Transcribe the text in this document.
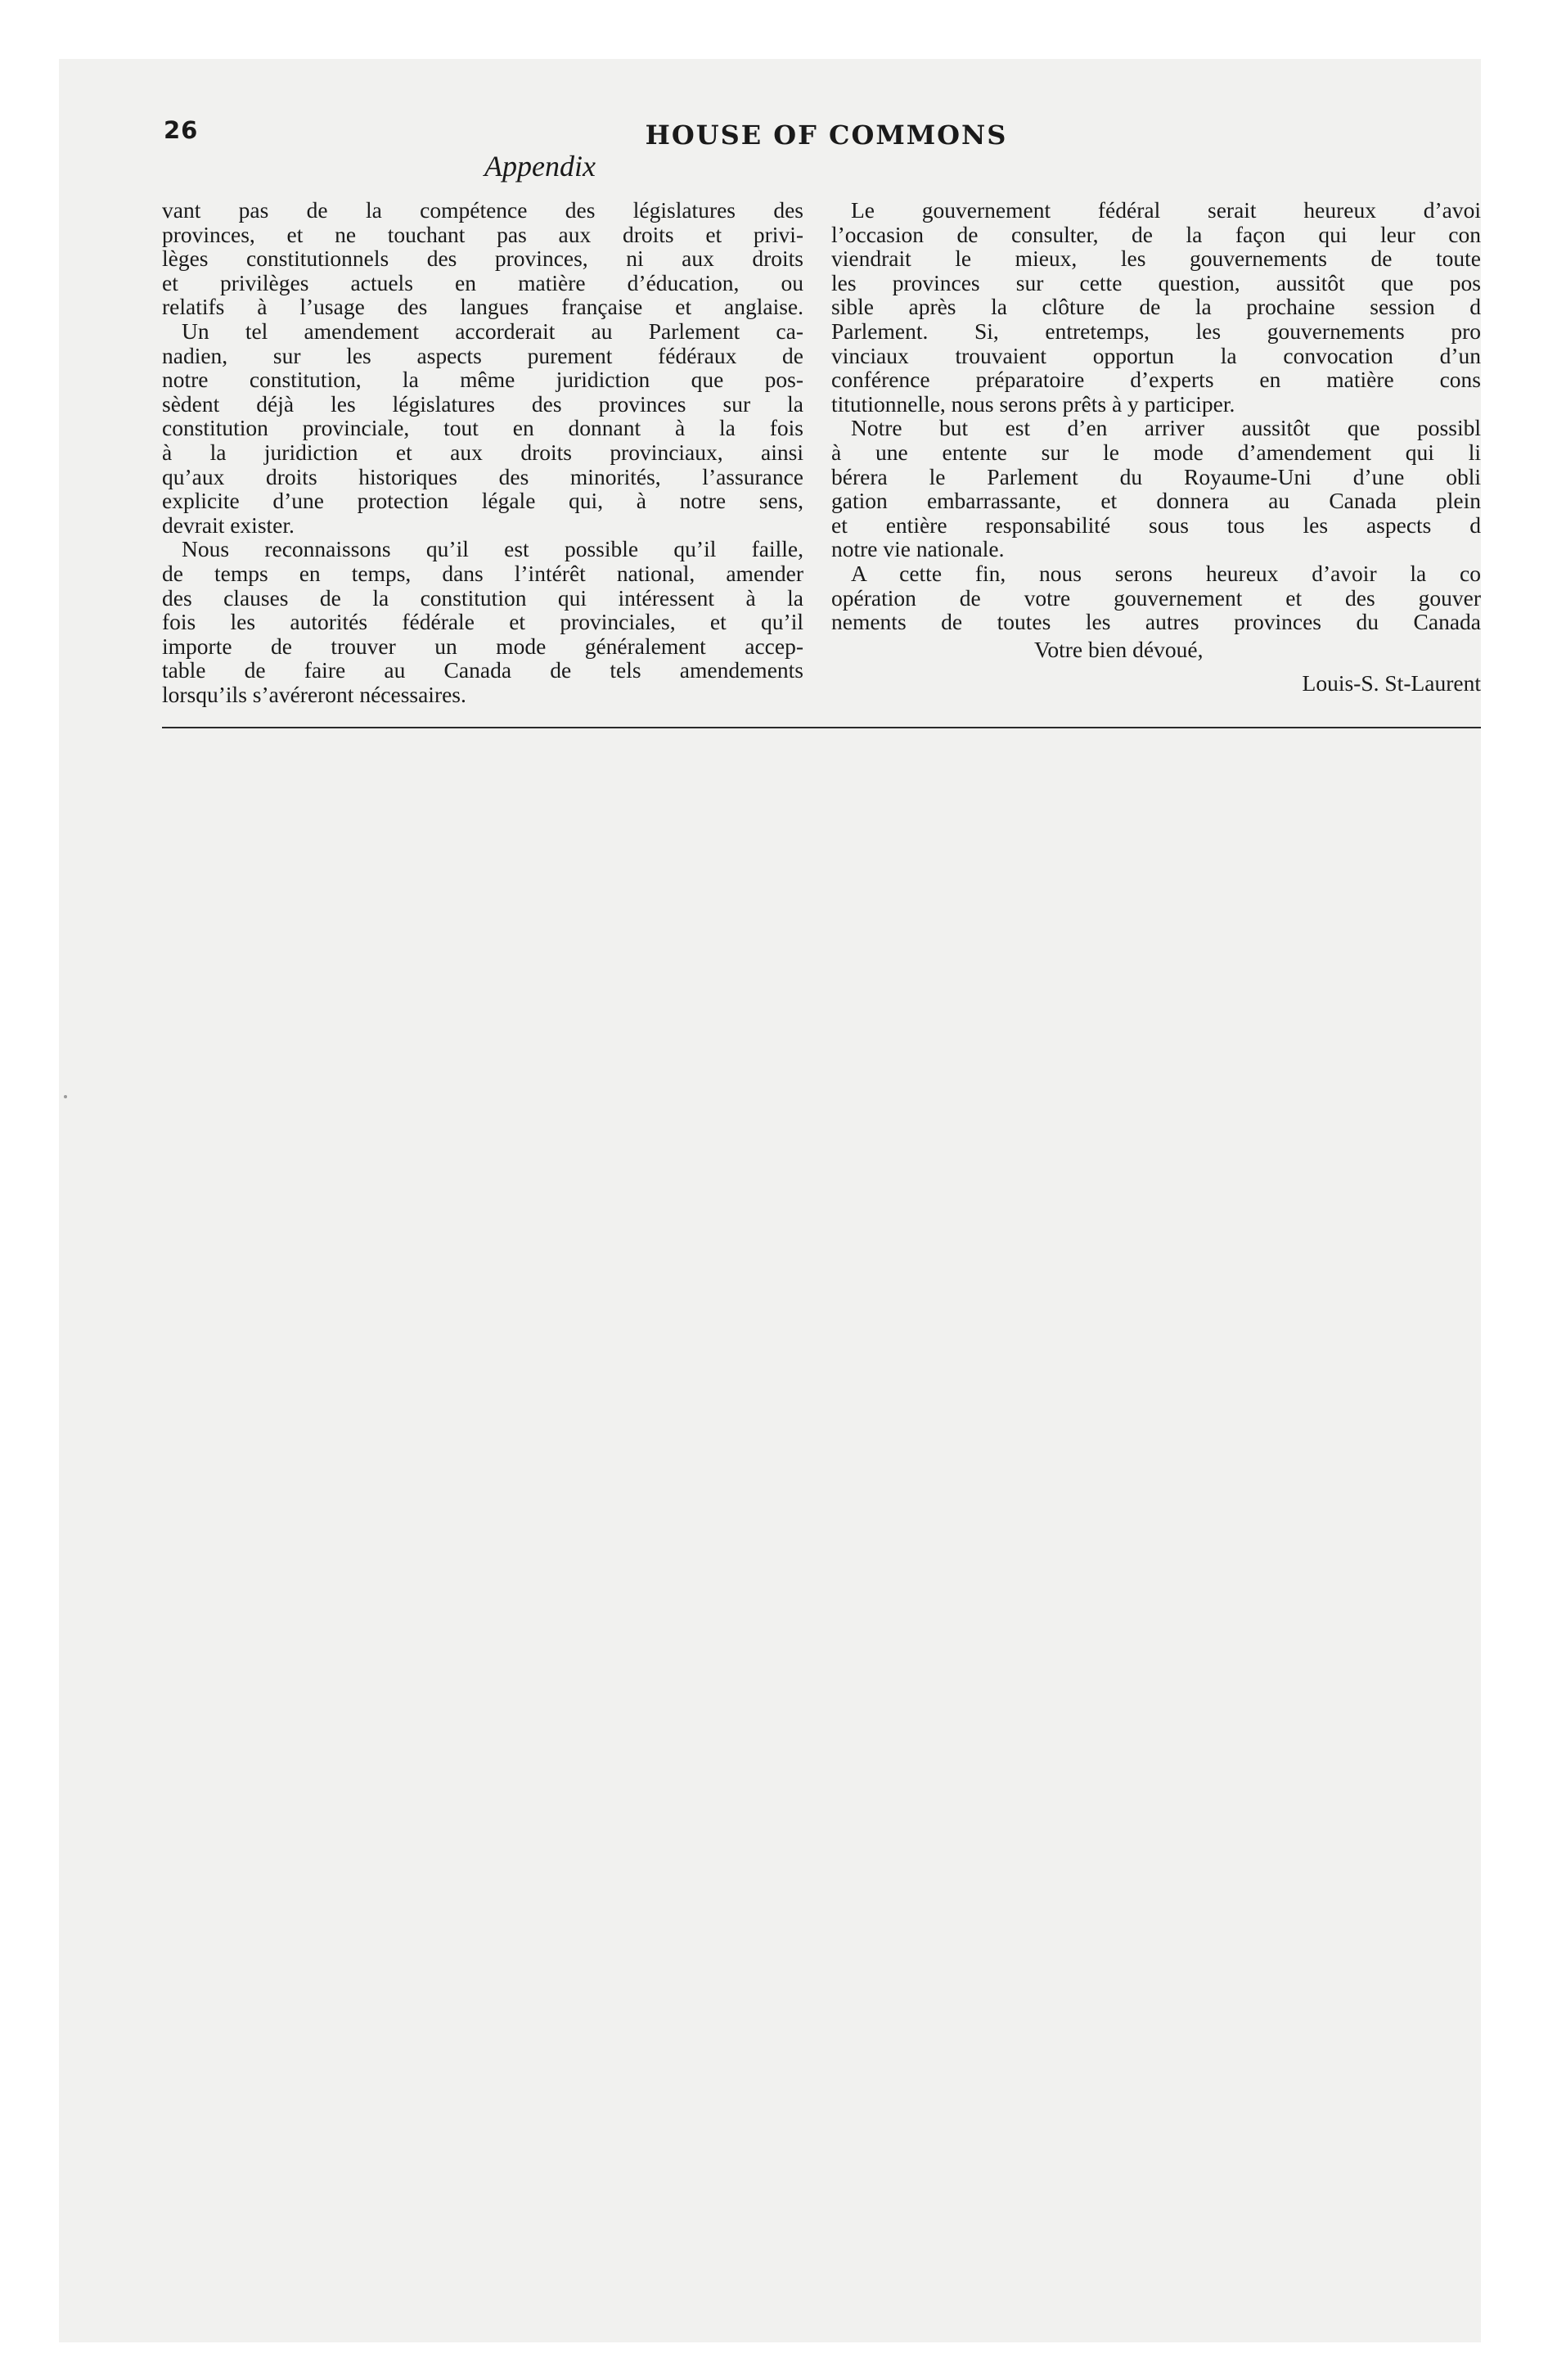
26	HOUSE OF COMMONS
Appendix
vant pas de la compétence des législatures des
provinces, et ne touchant pas aux droits et privi-
lèges constitutionnels des provinces, ni aux droits
et privilèges actuels en matière d’éducation, ou
relatifs à l’usage des langues française et anglaise.
Un tel amendement accorderait au Parlement ca-
nadien, sur les aspects purement fédéraux de
notre constitution, la même juridiction que pos-
sèdent déjà les législatures des provinces sur la
constitution provinciale, tout en donnant à la fois
à la juridiction et aux droits provinciaux, ainsi
qu’aux droits historiques des minorités, l’assurance
explicite d’une protection légale qui, à notre sens,
devrait exister.
Nous reconnaissons qu’il est possible qu’il faille,
de temps en temps, dans l’intérêt national, amender
des clauses de la constitution qui intéressent à la
fois les autorités fédérale et provinciales, et qu’il
importe de trouver un mode généralement accep-
table de faire au Canada de tels amendements
lorsqu’ils s’avéreront nécessaires.
Le gouvernement fédéral serait heureux d’avoi
l’occasion de consulter, de la façon qui leur con
viendrait le mieux, les gouvernements de toute
les provinces sur cette question, aussitôt que pos
sible après la clôture de la prochaine session d
Parlement. Si, entretemps, les gouvernements pro
vinciaux trouvaient opportun la convocation d’un
conférence préparatoire d’experts en matière cons
titutionnelle, nous serons prêts à y participer.
Notre but est d’en arriver aussitôt que possibl
à une entente sur le mode d’amendement qui li
bérera le Parlement du Royaume-Uni d’une obli
gation embarrassante, et donnera au Canada plein
et entière responsabilité sous tous les aspects d
notre vie nationale.
A cette fin, nous serons heureux d’avoir la co
opération de votre gouvernement et des gouver
nements de toutes les autres provinces du Canada
Votre bien dévoué,
Louis-S. St-Laurent
